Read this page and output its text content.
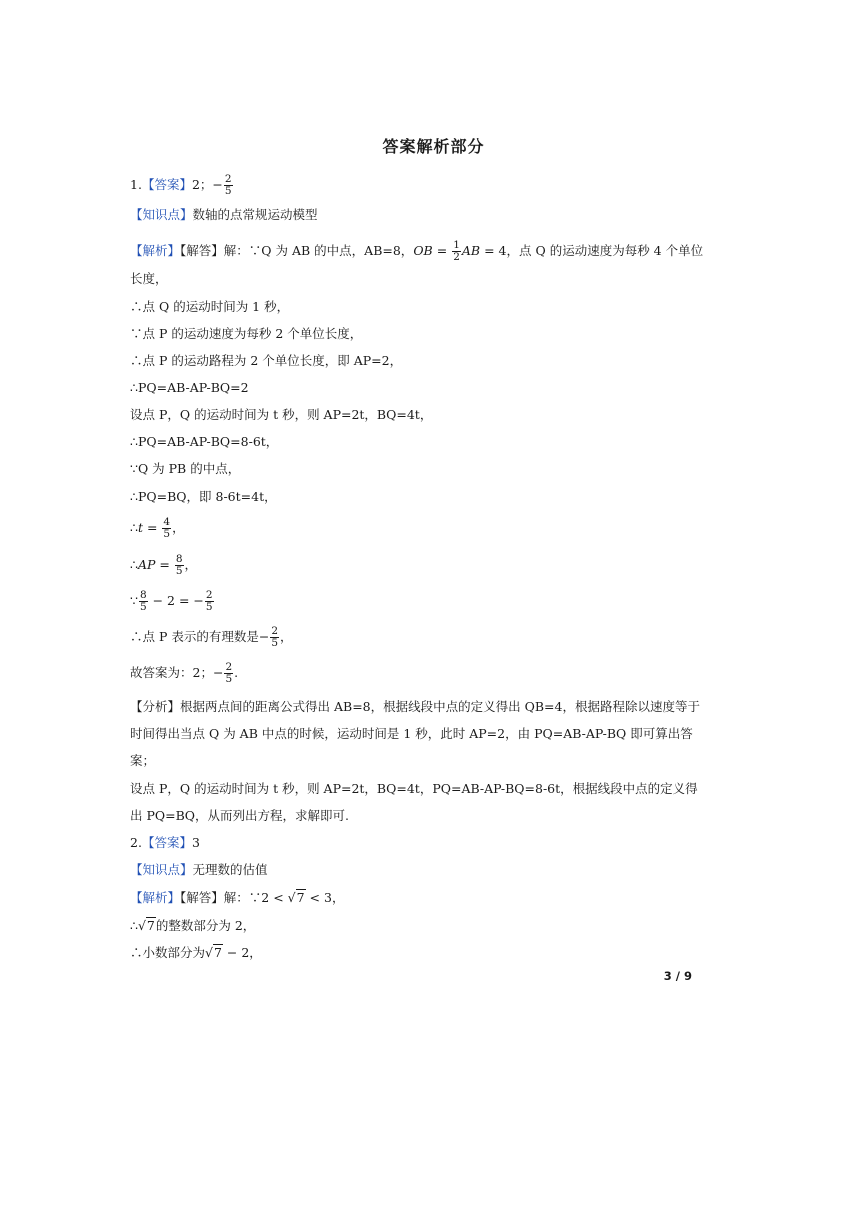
答案解析部分
1.【答案】2；− $\frac{2}{5}$
【知识点】数轴的点常规运动模型
【解析】【解答】解：∵Q 为 AB 的中点，AB=8，OB = $\frac{1}{2}$ AB = 4，点 Q 的运动速度为每秒 4 个单位
长度，
∴点 Q 的运动时间为 1 秒，
∵点 P 的运动速度为每秒 2 个单位长度，
∴点 P 的运动路程为 2 个单位长度，即 AP=2，
∴PQ=AB-AP-BQ=2
设点 P，Q 的运动时间为 t 秒，则 AP=2t，BQ=4t，
∴PQ=AB-AP-BQ=8-6t，
∵Q 为 PB 的中点，
∴PQ=BQ，即 8-6t=4t，
∴t = $\frac{4}{5}$ ，
∴AP = $\frac{8}{5}$ ，
∵ $\frac{8}{5} - 2$ = − $\frac{2}{5}$
∴点 P 表示的有理数是− $\frac{2}{5}$ ，
故答案为：2；− $\frac{2}{5}$ .
【分析】根据两点间的距离公式得出 AB=8，根据线段中点的定义得出 QB=4，根据路程除以速度等于时间得出当点 Q 为 AB 中点的时候，运动时间是 1 秒，此时 AP=2，由 PQ=AB-AP-BQ 即可算出答案；
设点 P，Q 的运动时间为 t 秒，则 AP=2t，BQ=4t，PQ=AB-AP-BQ=8-6t，根据线段中点的定义得出 PQ=BQ，从而列出方程，求解即可.
2.【答案】3
【知识点】无理数的估值
【解析】【解答】解：∵2 < √7 < 3，
∴√7的整数部分为 2，
∴小数部分为√7 − 2，
3 / 9
